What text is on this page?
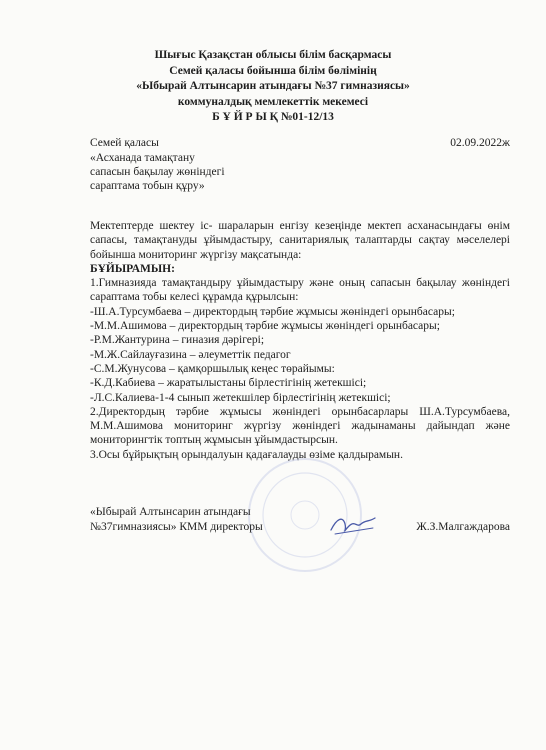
Шығыс Қазақстан облысы білім басқармасы

Семей қаласы бойынша білім бөлімінің

«Ыбырай Алтынсарин атындағы №37 гимназиясы»

коммуналдық мемлекеттік мекемесі

Б Ұ Й Р Ы Қ №01-12/13

Семей қаласы	02.09.2022ж
«Асханада тамақтану
сапасын бақылау жөніндегі
сараптама тобын құру»

Мектептерде шектеу іс- шараларын енгізу кезеңінде мектеп асханасындағы өнім сапасы, тамақтануды ұйымдастыру, санитариялық талаптарды сақтау мәселелері бойынша мониторинг жүргізу мақсатында:

БҰЙЫРАМЫН:

1.Гимназияда тамақтандыру ұйымдастыру және оның сапасын бақылау жөніндегі сараптама тобы келесі құрамда құрылсын:

-Ш.А.Турсумбаева – директордың тәрбие жұмысы жөніндегі орынбасары;

-М.М.Ашимова – директордың тәрбие жұмысы жөніндегі орынбасары;

-Р.М.Жантурина – гиназия дәрігері;

-М.Ж.Сайлауғазина – әлеуметтік педагог

-С.М.Жунусова – қамқоршылық кеңес төрайымы:

-К.Д.Кабиева – жаратылыстаны бірлестігінің жетекшісі;

-Л.С.Калиева-1-4 сынып жетекшілер бірлестігінің жетекшісі;

2.Директордың тәрбие жұмысы жөніндегі орынбасарлары Ш.А.Турсумбаева, М.М.Ашимова мониторинг жүргізу жөніндегі жадынаманы дайындап және мониторингтік топтың жұмысын ұйымдастырсын.

3.Осы бұйрықтың орындалуын қадағалауды өзіме қалдырамын.

«Ыбырай Алтынсарин атындағы

№37гимназиясы» КММ директоры	Ж.З.Малгаждарова
